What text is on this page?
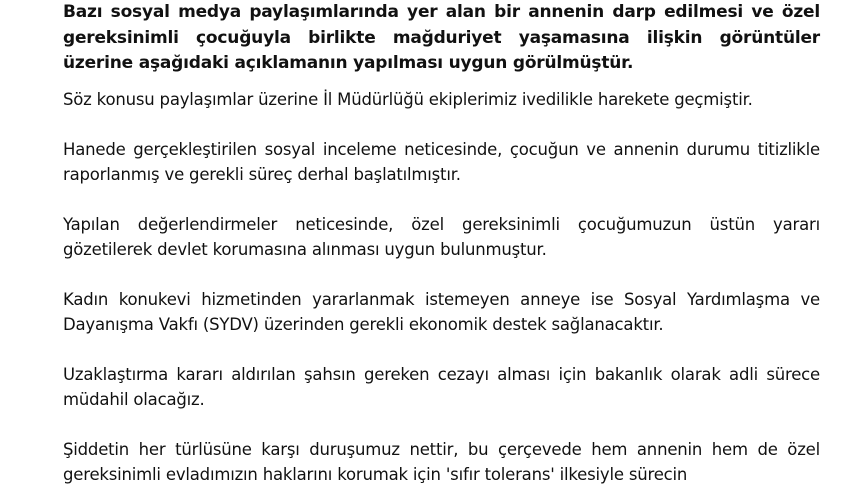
Bazı sosyal medya paylaşımlarında yer alan bir annenin darp edilmesi ve özel gereksinimli çocuğuyla birlikte mağduriyet yaşamasına ilişkin görüntüler üzerine aşağıdaki açıklamanın yapılması uygun görülmüştür.

Söz konusu paylaşımlar üzerine İl Müdürlüğü ekiplerimiz ivedilikle harekete geçmiştir.

Hanede gerçekleştirilen sosyal inceleme neticesinde, çocuğun ve annenin durumu titizlikle raporlanmış ve gerekli süreç derhal başlatılmıştır.

Yapılan değerlendirmeler neticesinde, özel gereksinimli çocuğumuzun üstün yararı gözetilerek devlet korumasına alınması uygun bulunmuştur.

Kadın konukevi hizmetinden yararlanmak istemeyen anneye ise Sosyal Yardımlaşma ve Dayanışma Vakfı (SYDV) üzerinden gerekli ekonomik destek sağlanacaktır.

Uzaklaştırma kararı aldırılan şahsın gereken cezayı alması için bakanlık olarak adli sürece müdahil olacağız.

Şiddetin her türlüsüne karşı duruşumuz nettir, bu çerçevede hem annenin hem de özel gereksinimli evladımızın haklarını korumak için 'sıfır tolerans' ilkesiyle sürecin
